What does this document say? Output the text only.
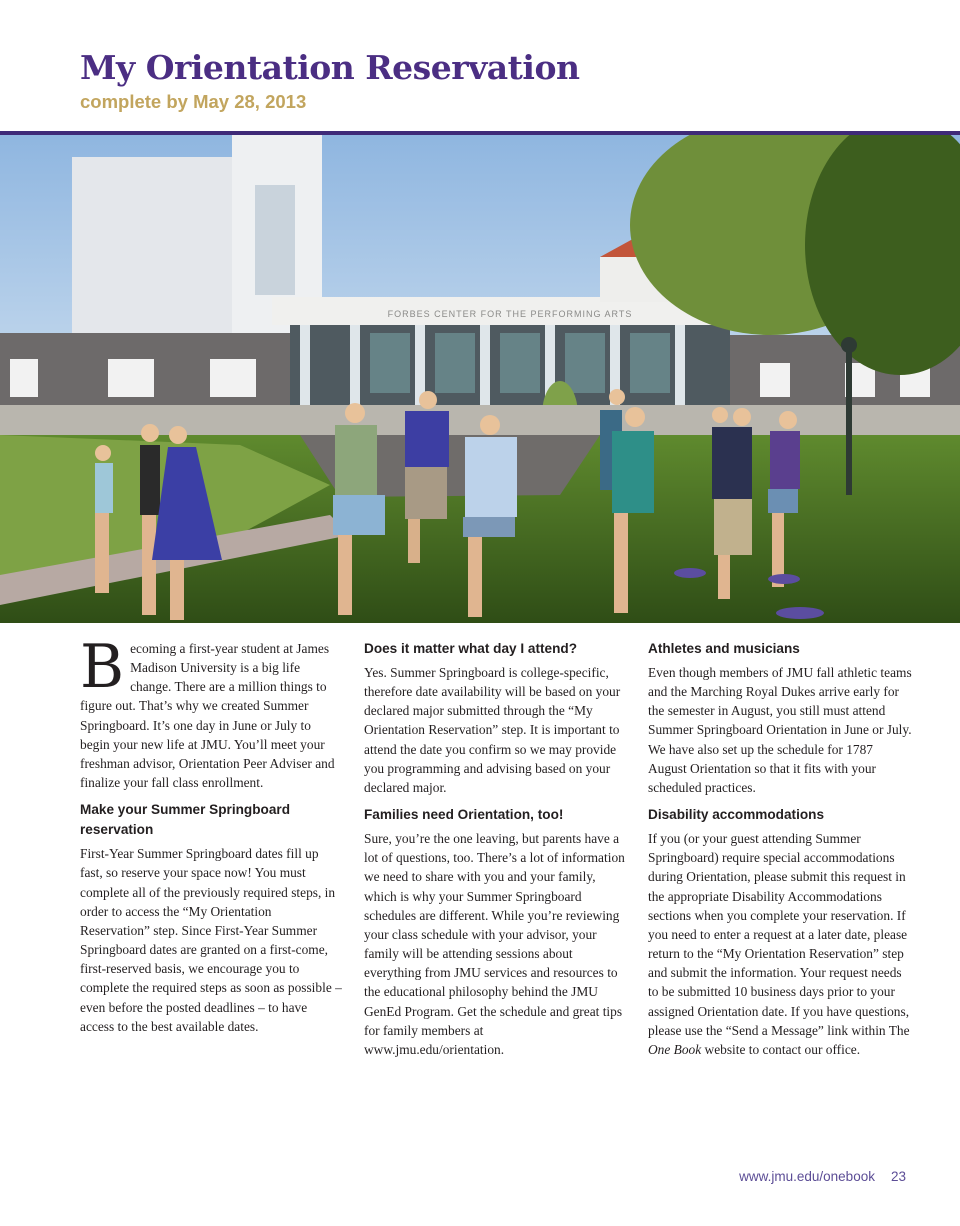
My Orientation Reservation
complete by May 28, 2013
FORBES CENTER FOR THE PERFORMING ARTS

Becoming a first-year student at James Madison University is a big life change. There are a million things to figure out. That’s why we created Summer Springboard. It’s one day in June or July to begin your new life at JMU. You’ll meet your freshman advisor, Orientation Peer Adviser and finalize your fall class enrollment.

Make your Summer Springboard reservation

First-Year Summer Springboard dates fill up fast, so reserve your space now! You must complete all of the previously required steps, in order to access the “My Orientation Reservation” step. Since First-Year Summer Springboard dates are granted on a first-come, first-reserved basis, we encourage you to complete the required steps as soon as possible – even before the posted deadlines – to have access to the best available dates.

Does it matter what day I attend?

Yes. Summer Springboard is college-specific, therefore date availability will be based on your declared major submitted through the “My Orientation Reservation” step. It is important to attend the date you confirm so we may provide you programming and advising based on your declared major.

Families need Orientation, too!

Sure, you’re the one leaving, but parents have a lot of questions, too. There’s a lot of information we need to share with you and your family, which is why your Summer Springboard schedules are different. While you’re reviewing your class schedule with your advisor, your family will be attending sessions about everything from JMU services and resources to the educational philosophy behind the JMU GenEd Program. Get the schedule and great tips for family members at www.jmu.edu/orientation.

Athletes and musicians

Even though members of JMU fall athletic teams and the Marching Royal Dukes arrive early for the semester in August, you still must attend Summer Springboard Orientation in June or July. We have also set up the schedule for 1787 August Orientation so that it fits with your scheduled practices.

Disability accommodations

If you (or your guest attending Summer Springboard) require special accommodations during Orientation, please submit this request in the appropriate Disability Accommodations sections when you complete your reservation. If you need to enter a request at a later date, please return to the “My Orientation Reservation” step and submit the information. Your request needs to be submitted 10 business days prior to your assigned Orientation date. If you have questions, please use the “Send a Message” link within The One Book website to contact our office.

www.jmu.edu/onebook 23
